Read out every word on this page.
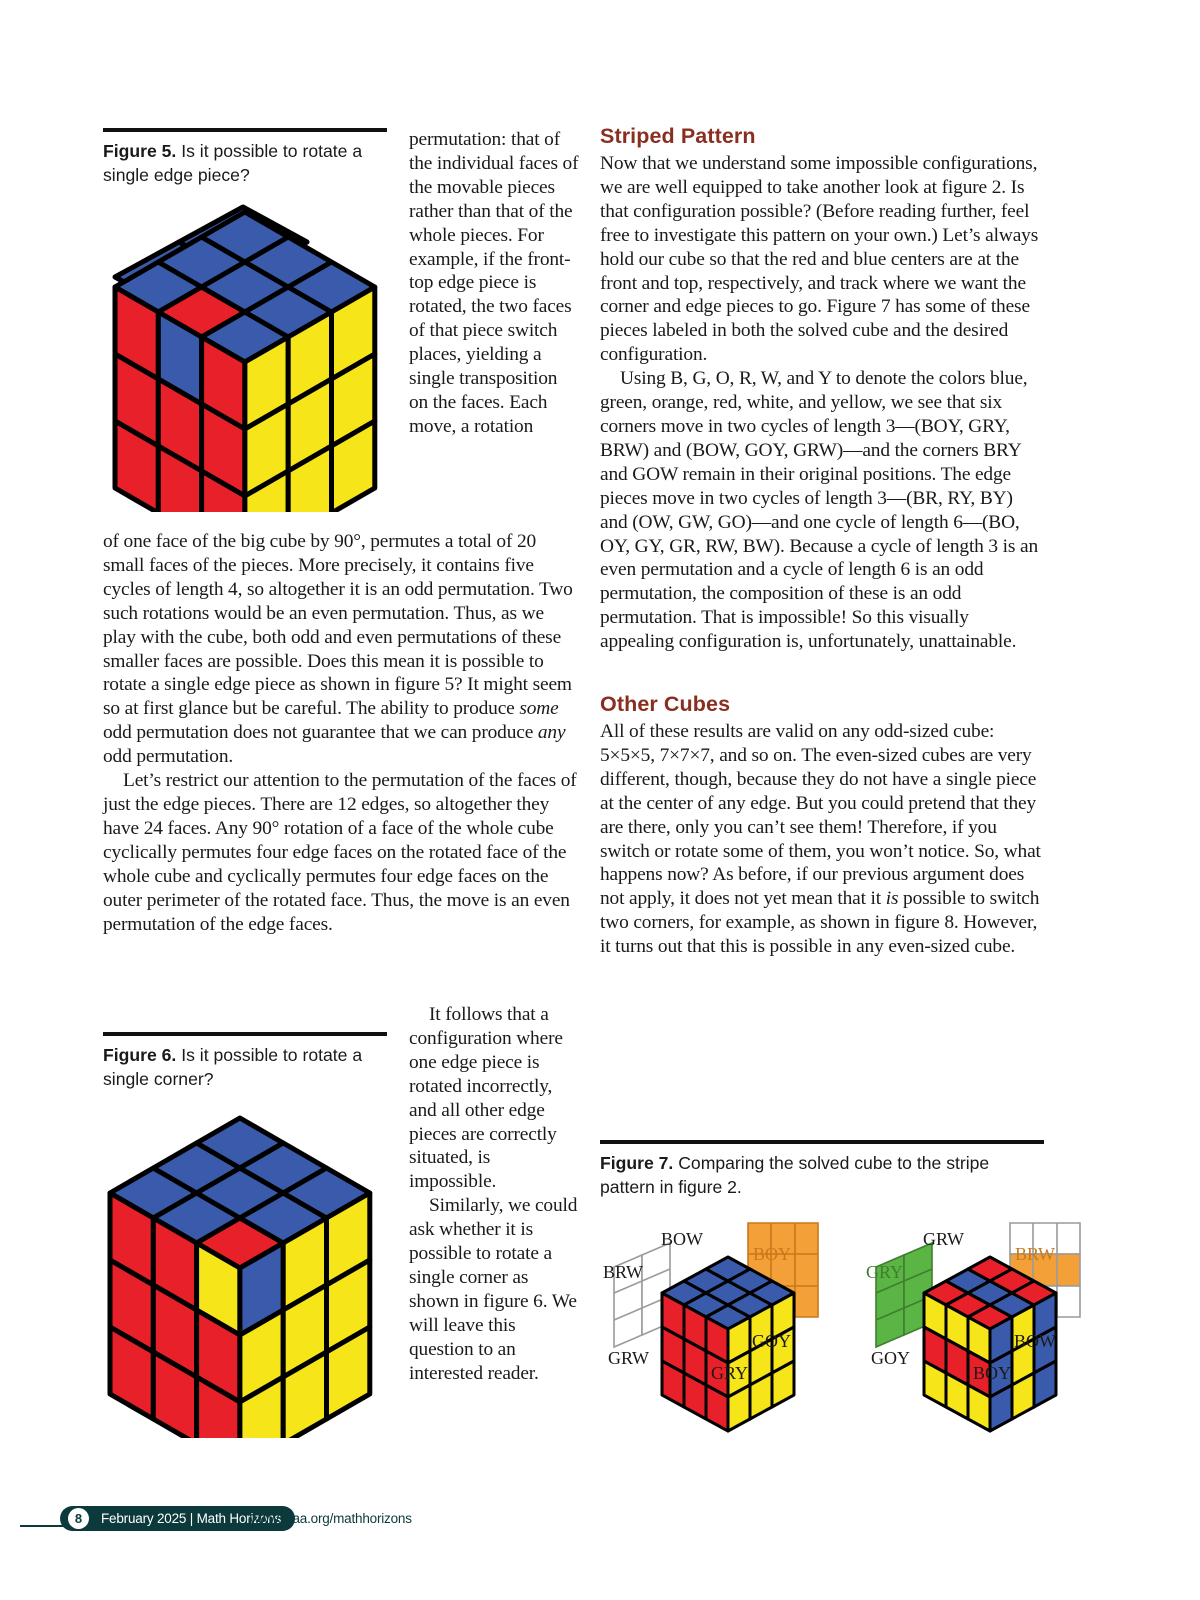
Figure 5. Is it possible to rotate a single edge piece?

permutation: that of the individual faces of the movable pieces rather than that of the whole pieces. For example, if the front-top edge piece is rotated, the two faces of that piece switch places, yielding a single transposition on the faces. Each move, a rotation

of one face of the big cube by 90°, permutes a total of 20 small faces of the pieces. More precisely, it contains five cycles of length 4, so altogether it is an odd permutation. Two such rotations would be an even permutation. Thus, as we play with the cube, both odd and even permutations of these smaller faces are possible. Does this mean it is possible to rotate a single edge piece as shown in figure 5? It might seem so at first glance but be careful. The ability to produce some odd permutation does not guarantee that we can produce any odd permutation.

Let’s restrict our attention to the permutation of the faces of just the edge pieces. There are 12 edges, so altogether they have 24 faces. Any 90° rotation of a face of the whole cube cyclically permutes four edge faces on the rotated face of the whole cube and cyclically permutes four edge faces on the outer perimeter of the rotated face. Thus, the move is an even permutation of the edge faces.

Figure 6. Is it possible to rotate a single corner?

It follows that a configuration where one edge piece is rotated incorrectly, and all other edge pieces are correctly situated, is impossible.

Similarly, we could ask whether it is possible to rotate a single corner as shown in figure 6. We will leave this question to an interested reader.

Striped Pattern

Now that we understand some impossible configurations, we are well equipped to take another look at figure 2. Is that configuration possible? (Before reading further, feel free to investigate this pattern on your own.) Let’s always hold our cube so that the red and blue centers are at the front and top, respectively, and track where we want the corner and edge pieces to go. Figure 7 has some of these pieces labeled in both the solved cube and the desired configuration.

Using B, G, O, R, W, and Y to denote the colors blue, green, orange, red, white, and yellow, we see that six corners move in two cycles of length 3—(BOY, GRY, BRW) and (BOW, GOY, GRW)—and the corners BRY and GOW remain in their original positions. The edge pieces move in two cycles of length 3—(BR, RY, BY) and (OW, GW, GO)—and one cycle of length 6—(BO, OY, GY, GR, RW, BW). Because a cycle of length 3 is an even permutation and a cycle of length 6 is an odd permutation, the composition of these is an odd permutation. That is impossible! So this visually appealing configuration is, unfortunately, unattainable.

Other Cubes

All of these results are valid on any odd-sized cube: 5×5×5, 7×7×7, and so on. The even-sized cubes are very different, though, because they do not have a single piece at the center of any edge. But you could pretend that they are there, only you can’t see them! Therefore, if you switch or rotate some of them, you won’t notice. So, what happens now? As before, if our previous argument does not apply, it does not yet mean that it is possible to switch two corners, for example, as shown in figure 8. However, it turns out that this is possible in any even-sized cube.

Figure 7. Comparing the solved cube to the stripe pattern in figure 2.
BOW
BRW
BOY
GOY
GRW
GRY
GRW
GRY
BRW
BOW
GOY
BOY
8	February 2025 | Math Horizons
www.maa.org/mathhorizons
